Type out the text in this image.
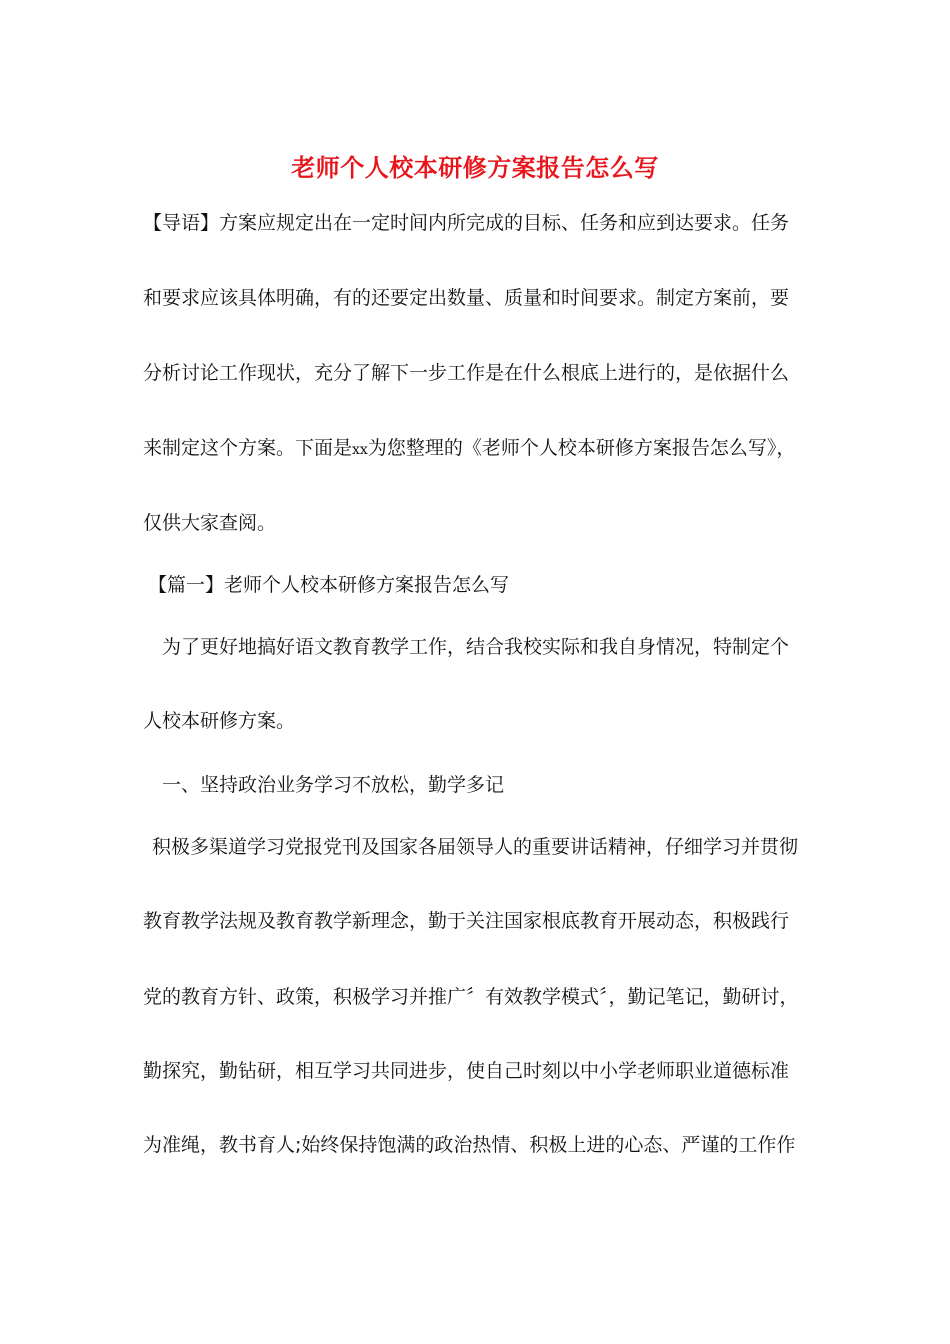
老师个人校本研修方案报告怎么写
【导语】方案应规定出在一定时间内所完成的目标、任务和应到达要求。任务
和要求应该具体明确，有的还要定出数量、质量和时间要求。制定方案前，要
分析讨论工作现状，充分了解下一步工作是在什么根底上进行的，是依据什么
来制定这个方案。下面是xx为您整理的《老师个人校本研修方案报告怎么写》，
仅供大家查阅。
【篇一】老师个人校本研修方案报告怎么写
为了更好地搞好语文教育教学工作，结合我校实际和我自身情况，特制定个
人校本研修方案。
一、坚持政治业务学习不放松，勤学多记
积极多渠道学习党报党刊及国家各届领导人的重要讲话精神，仔细学习并贯彻
教育教学法规及教育教学新理念，勤于关注国家根底教育开展动态，积极践行
党的教育方针、政策，积极学习并推广〞有效教学模式〞，勤记笔记，勤研讨，
勤探究，勤钻研，相互学习共同进步，使自己时刻以中小学老师职业道德标准
为准绳，教书育人;始终保持饱满的政治热情、积极上进的心态、严谨的工作作
